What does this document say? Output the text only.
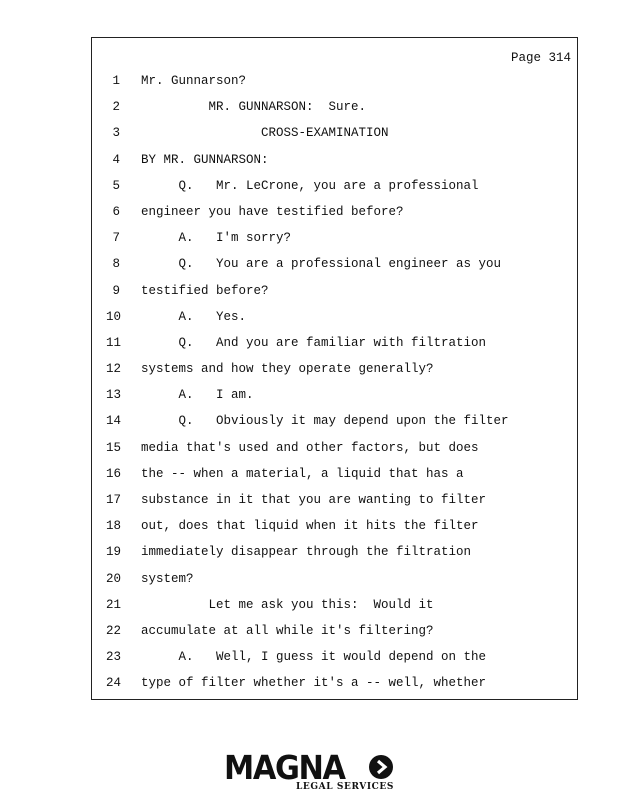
Page 314
1 Mr. Gunnarson?
2 MR. GUNNARSON:  Sure.
3 CROSS-EXAMINATION
4 BY MR. GUNNARSON:
5 Q.   Mr. LeCrone, you are a professional
6 engineer you have testified before?
7 A.   I'm sorry?
8 Q.   You are a professional engineer as you
9 testified before?
10 A.   Yes.
11 Q.   And you are familiar with filtration
12 systems and how they operate generally?
13 A.   I am.
14 Q.   Obviously it may depend upon the filter
15 media that's used and other factors, but does
16 the -- when a material, a liquid that has a
17 substance in it that you are wanting to filter
18 out, does that liquid when it hits the filter
19 immediately disappear through the filtration
20 system?
21 Let me ask you this:  Would it
22 accumulate at all while it's filtering?
23 A.   Well, I guess it would depend on the
24 type of filter whether it's a -- well, whether
MAGNA
LEGAL SERVICES
